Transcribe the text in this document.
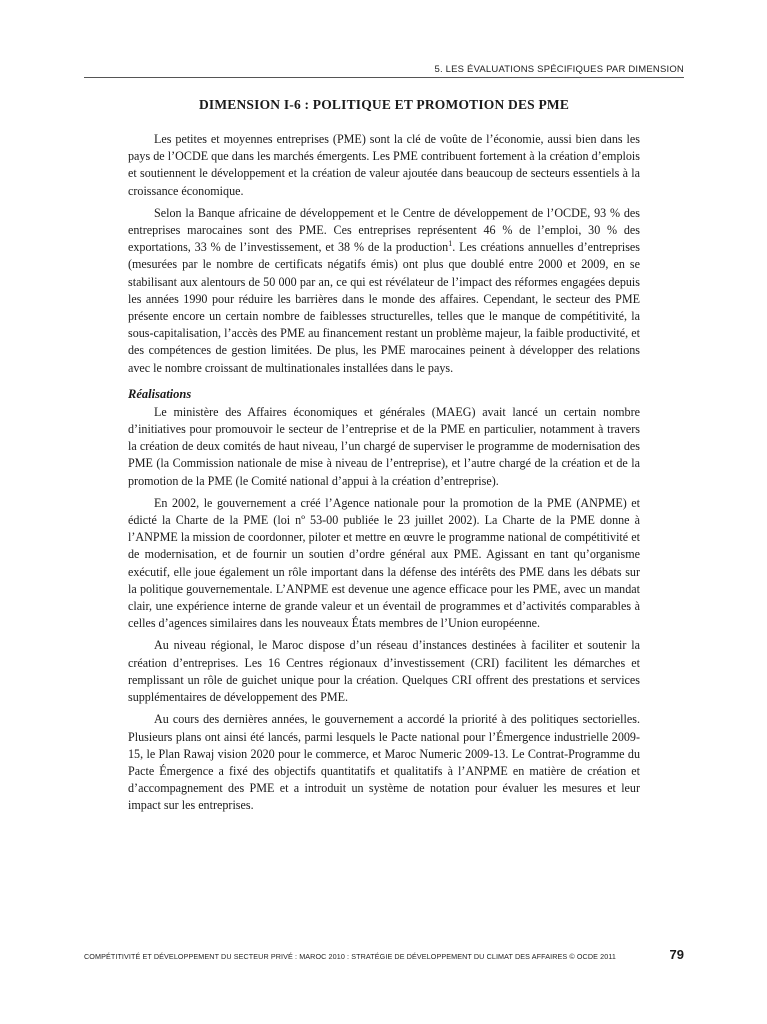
5. LES ÉVALUATIONS SPÉCIFIQUES PAR DIMENSION
DIMENSION I-6 : POLITIQUE ET PROMOTION DES PME

Les petites et moyennes entreprises (PME) sont la clé de voûte de l’économie, aussi bien dans les pays de l’OCDE que dans les marchés émergents. Les PME contribuent fortement à la création d’emplois et soutiennent le développement et la création de valeur ajoutée dans beaucoup de secteurs essentiels à la croissance économique.

Selon la Banque africaine de développement et le Centre de développement de l’OCDE, 93 % des entreprises marocaines sont des PME. Ces entreprises représentent 46 % de l’emploi, 30 % des exportations, 33 % de l’investissement, et 38 % de la production$^1$. Les créations annuelles d’entreprises (mesurées par le nombre de certificats négatifs émis) ont plus que doublé entre 2000 et 2009, en se stabilisant aux alentours de 50 000 par an, ce qui est révélateur de l’impact des réformes engagées depuis les années 1990 pour réduire les barrières dans le monde des affaires. Cependant, le secteur des PME présente encore un certain nombre de faiblesses structurelles, telles que le manque de compétitivité, la sous-capitalisation, l’accès des PME au financement restant un problème majeur, la faible productivité, et des compétences de gestion limitées. De plus, les PME marocaines peinent à développer des relations avec le nombre croissant de multinationales installées dans le pays.

Réalisations

Le ministère des Affaires économiques et générales (MAEG) avait lancé un certain nombre d’initiatives pour promouvoir le secteur de l’entreprise et de la PME en particulier, notamment à travers la création de deux comités de haut niveau, l’un chargé de superviser le programme de modernisation des PME (la Commission nationale de mise à niveau de l’entreprise), et l’autre chargé de la création et de la promotion de la PME (le Comité national d’appui à la création d’entreprise).

En 2002, le gouvernement a créé l’Agence nationale pour la promotion de la PME (ANPME) et édicté la Charte de la PME (loi nº 53-00 publiée le 23 juillet 2002). La Charte de la PME donne à l’ANPME la mission de coordonner, piloter et mettre en œuvre le programme national de compétitivité et de modernisation, et de fournir un soutien d’ordre général aux PME. Agissant en tant qu’organisme exécutif, elle joue également un rôle important dans la défense des intérêts des PME dans les débats sur la politique gouvernementale. L’ANPME est devenue une agence efficace pour les PME, avec un mandat clair, une expérience interne de grande valeur et un éventail de programmes et d’activités comparables à celles d’agences similaires dans les nouveaux États membres de l’Union européenne.

Au niveau régional, le Maroc dispose d’un réseau d’instances destinées à faciliter et soutenir la création d’entreprises. Les 16 Centres régionaux d’investissement (CRI) facilitent les démarches et remplissant un rôle de guichet unique pour la création. Quelques CRI offrent des prestations et services supplémentaires de développement des PME.

Au cours des dernières années, le gouvernement a accordé la priorité à des politiques sectorielles. Plusieurs plans ont ainsi été lancés, parmi lesquels le Pacte national pour l’Émergence industrielle 2009-15, le Plan Rawaj vision 2020 pour le commerce, et Maroc Numeric 2009-13. Le Contrat-Programme du Pacte Émergence a fixé des objectifs quantitatifs et qualitatifs à l’ANPME en matière de création et d’accompagnement des PME et a introduit un système de notation pour évaluer les mesures et leur impact sur les entreprises.

COMPÉTITIVITÉ ET DÉVELOPPEMENT DU SECTEUR PRIVÉ : MAROC 2010 : STRATÉGIE DE DÉVELOPPEMENT DU CLIMAT DES AFFAIRES © OCDE 2011	79
